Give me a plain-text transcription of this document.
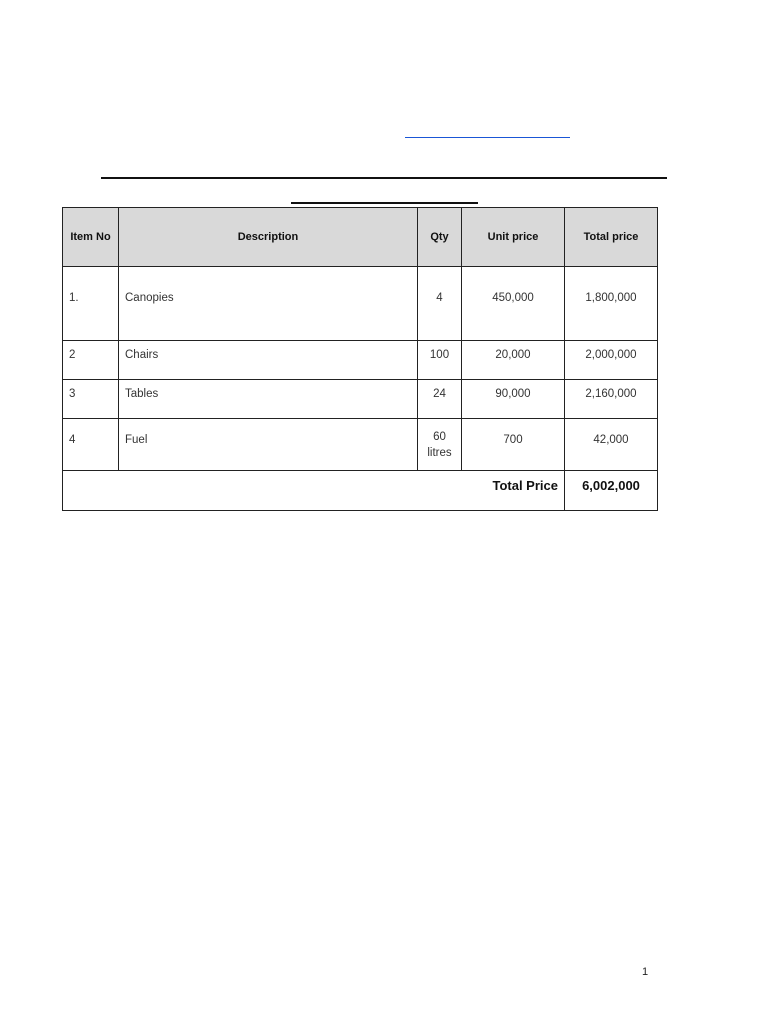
Item No	Description	Qty	Unit price	Total price
1.	Canopies	4	450,000	1,800,000
2	Chairs	100	20,000	2,000,000
3	Tables	24	90,000	2,160,000
4	Fuel	60 litres	700	42,000
Total Price				6,002,000
1
